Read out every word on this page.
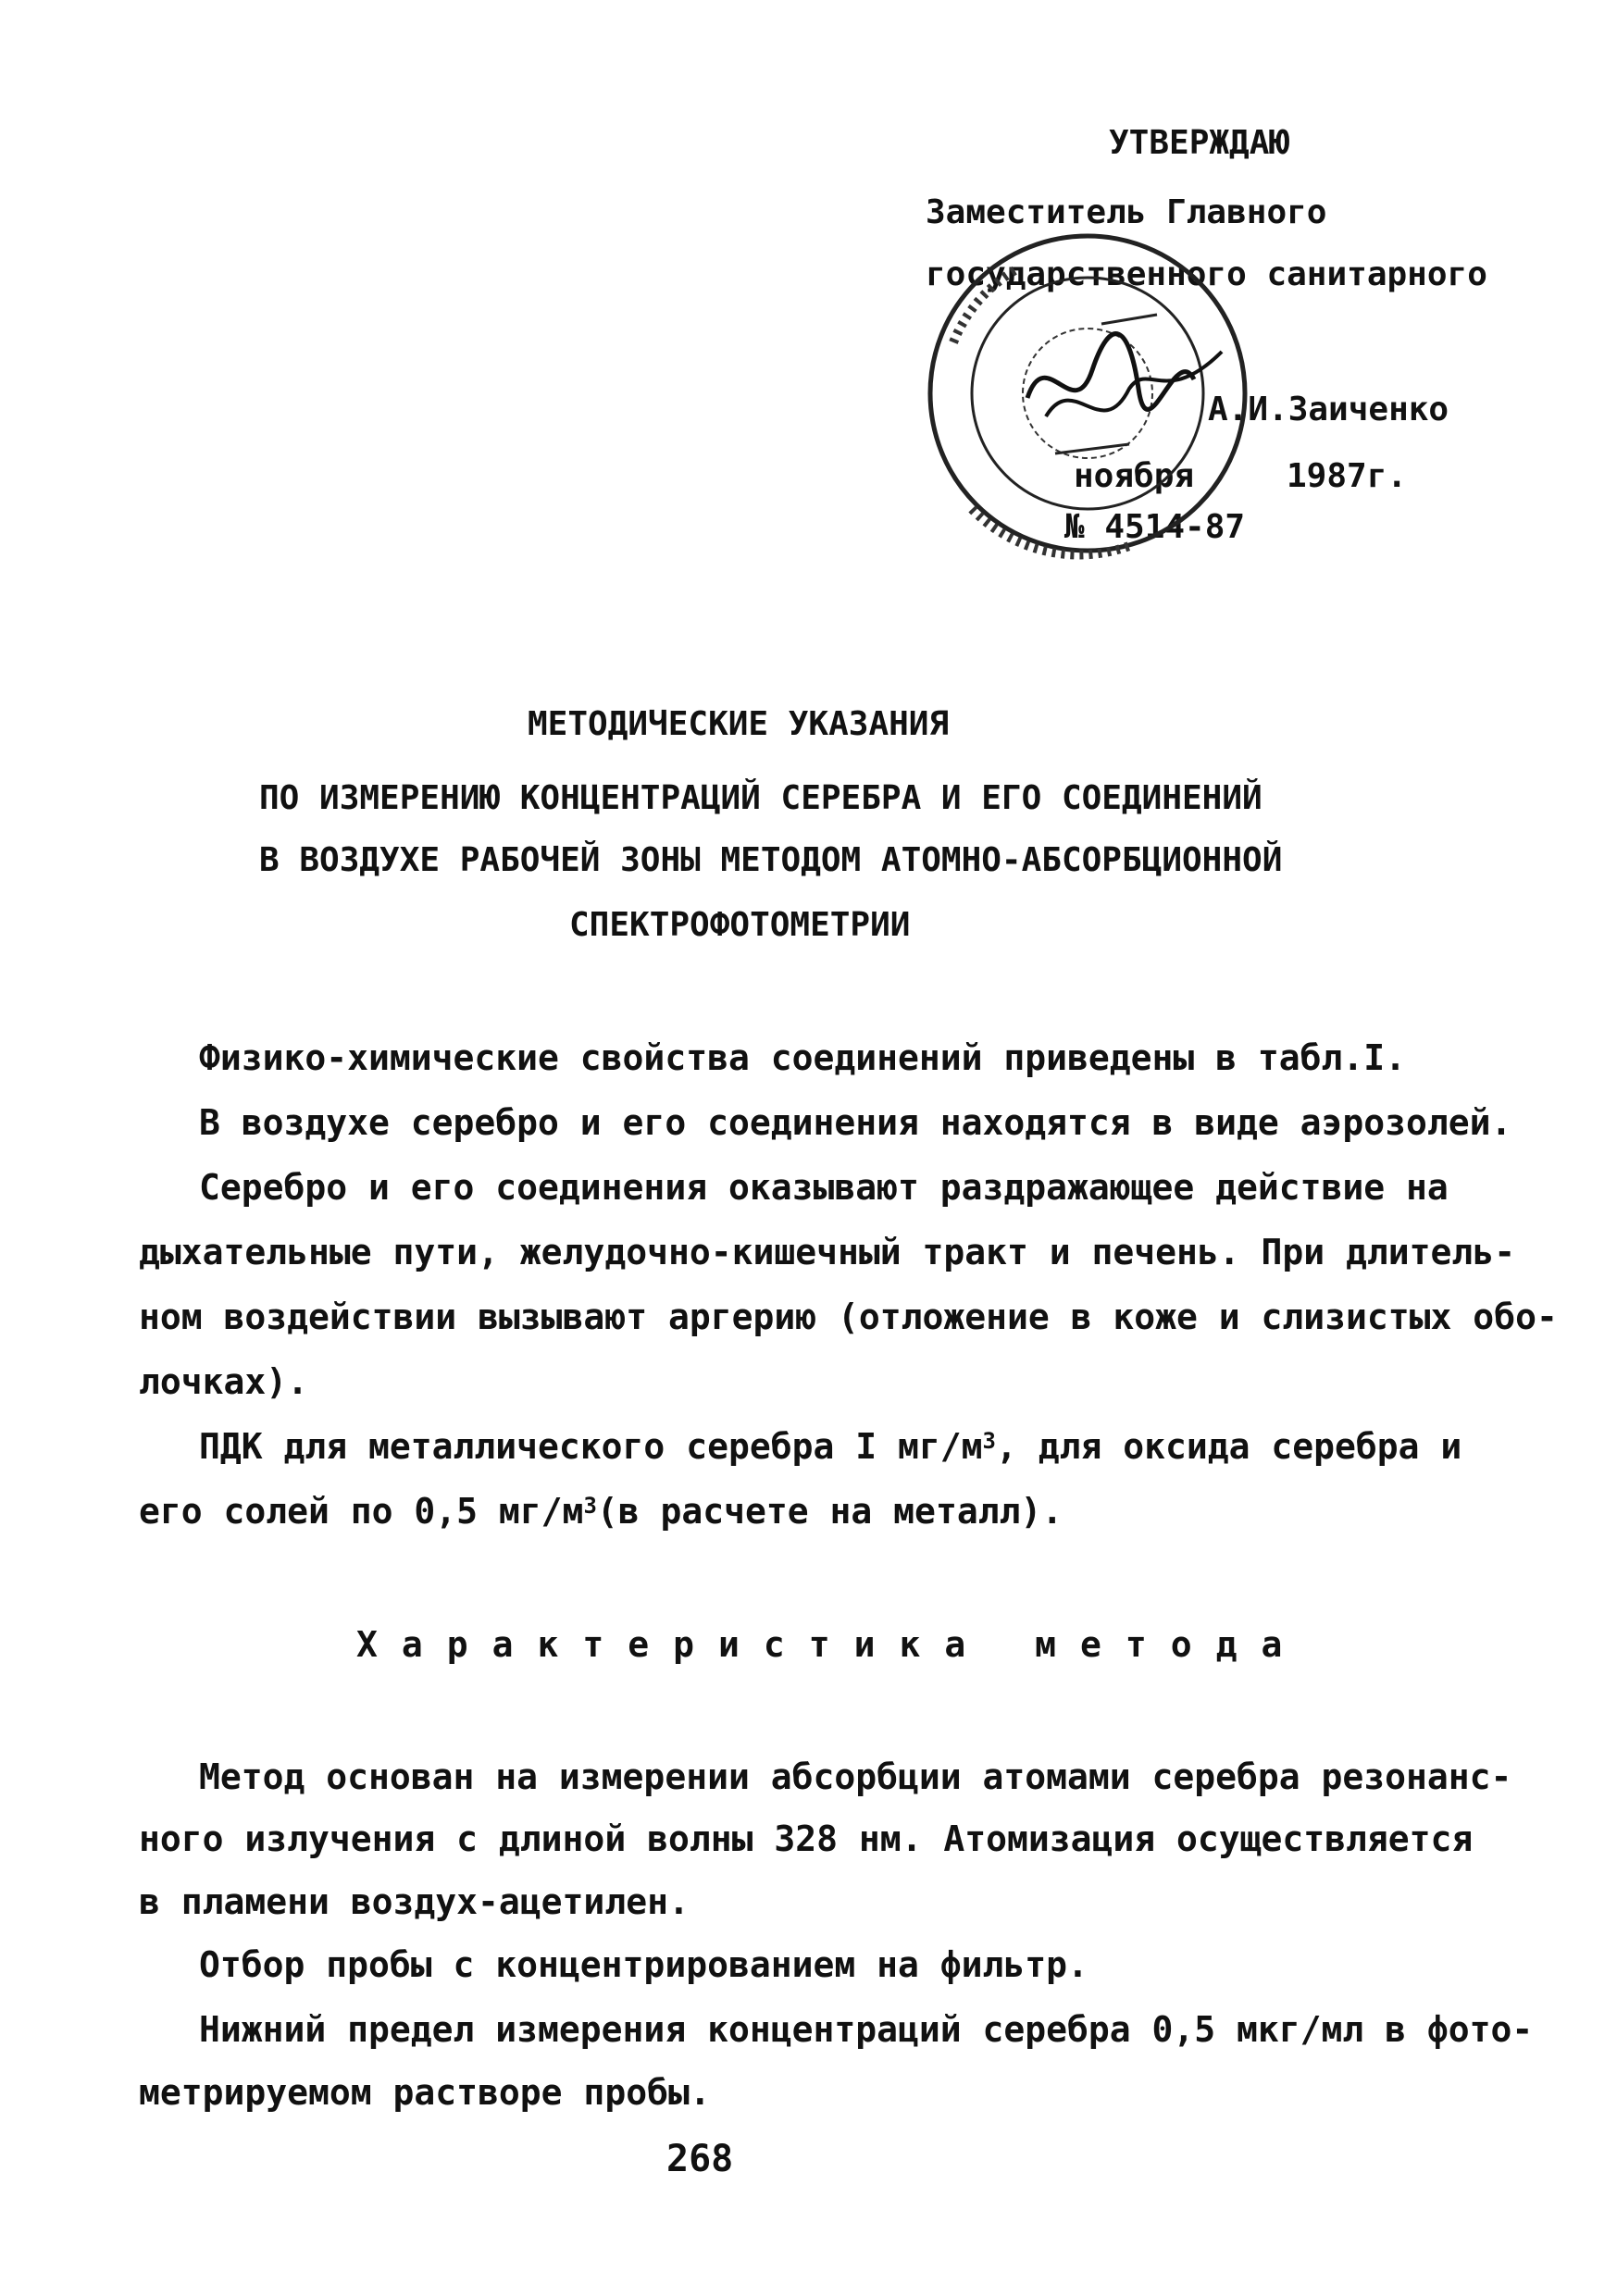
УТВЕРЖДАЮ
Заместитель Главного
государственного санитарного
А.И.Заиченко
ноября	1987г.
№ 4514-87
МЕТОДИЧЕСКИЕ УКАЗАНИЯ
ПО ИЗМЕРЕНИЮ КОНЦЕНТРАЦИЙ СЕРЕБРА И ЕГО СОЕДИНЕНИЙ
В ВОЗДУХЕ РАБОЧЕЙ ЗОНЫ МЕТОДОМ АТОМНО-АБСОРБЦИОННОЙ
СПЕКТРОФОТОМЕТРИИ
Физико-химические свойства соединений приведены в табл.I.
В воздухе серебро и его соединения находятся в виде аэрозолей.
Серебро и его соединения оказывают раздражающее действие на
дыхательные пути, желудочно-кишечный тракт и печень. При длитель-
ном воздействии вызывают аргерию (отложение в коже и слизистых обо-
лочках).
ПДК для металлического серебра I $мг/м^3$, для оксида серебра и
его солей по 0,5 $мг/м^3(в$ расчете на металл).
Характеристика метода
Метод основан на измерении абсорбции атомами серебра резонанс-
ного излучения с длиной волны 328 нм. Атомизация осуществляется
в пламени воздух-ацетилен.
Отбор пробы с концентрированием на фильтр.
Нижний предел измерения концентраций серебра 0,5 мкг/мл в фото-
метрируемом растворе пробы.
268
